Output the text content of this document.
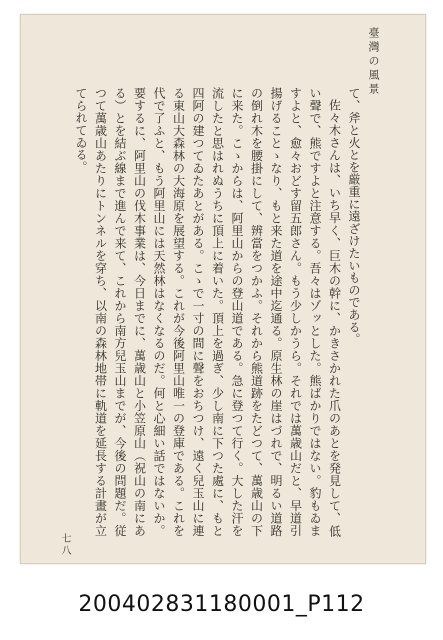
臺灣の風景

て、斧と火とを厳重に遠ざけたいものである。

佐々木さんは、いち早く、巨木の幹に、かきさかれた爪のあとを発見して、低い聲で、熊ですよと注意する。吾々はゾッとした。熊ばかりではない。豹もゐますよと、愈々おどす留五郎さん。もう少しかうら。それでは萬歳山だと、早道引揚げることゝなり、もと来た道を途中迄通る。原生林の崖はづれで、明るい道路の倒れ木を腰掛にして、辨當をつかふ。それから熊道跡をたどつて、萬歳山の下に来た。こゝからは、阿里山からの登山道である。急に登つて行く。大した汗を流したと思はれぬうちに頂上に着いた。頂上を過ぎ、少し南に下つた處に、もと四阿の建つてゐたあとがある。こゝで一寸の間に聲をおちつけ、遠く兒玉山に連る東山大森林の大海原を展望する。これが今後阿里山唯一の登庫である。これを代で了ふと、もう阿里山には天然林はなくなるのだ。何と心細い話ではないか。要するに、阿里山の伐木事業は、今日までに、萬歳山と小笠原山（祝山の南にある）とを結ぶ線まで進んで来て、これから南方兒玉山までが、今後の問題だ。従つて萬歳山あたりにトンネルを穿ち、以南の森林地帯に軌道を延長する計畫が立てられてゐる。

七八
200402831180001_P112
